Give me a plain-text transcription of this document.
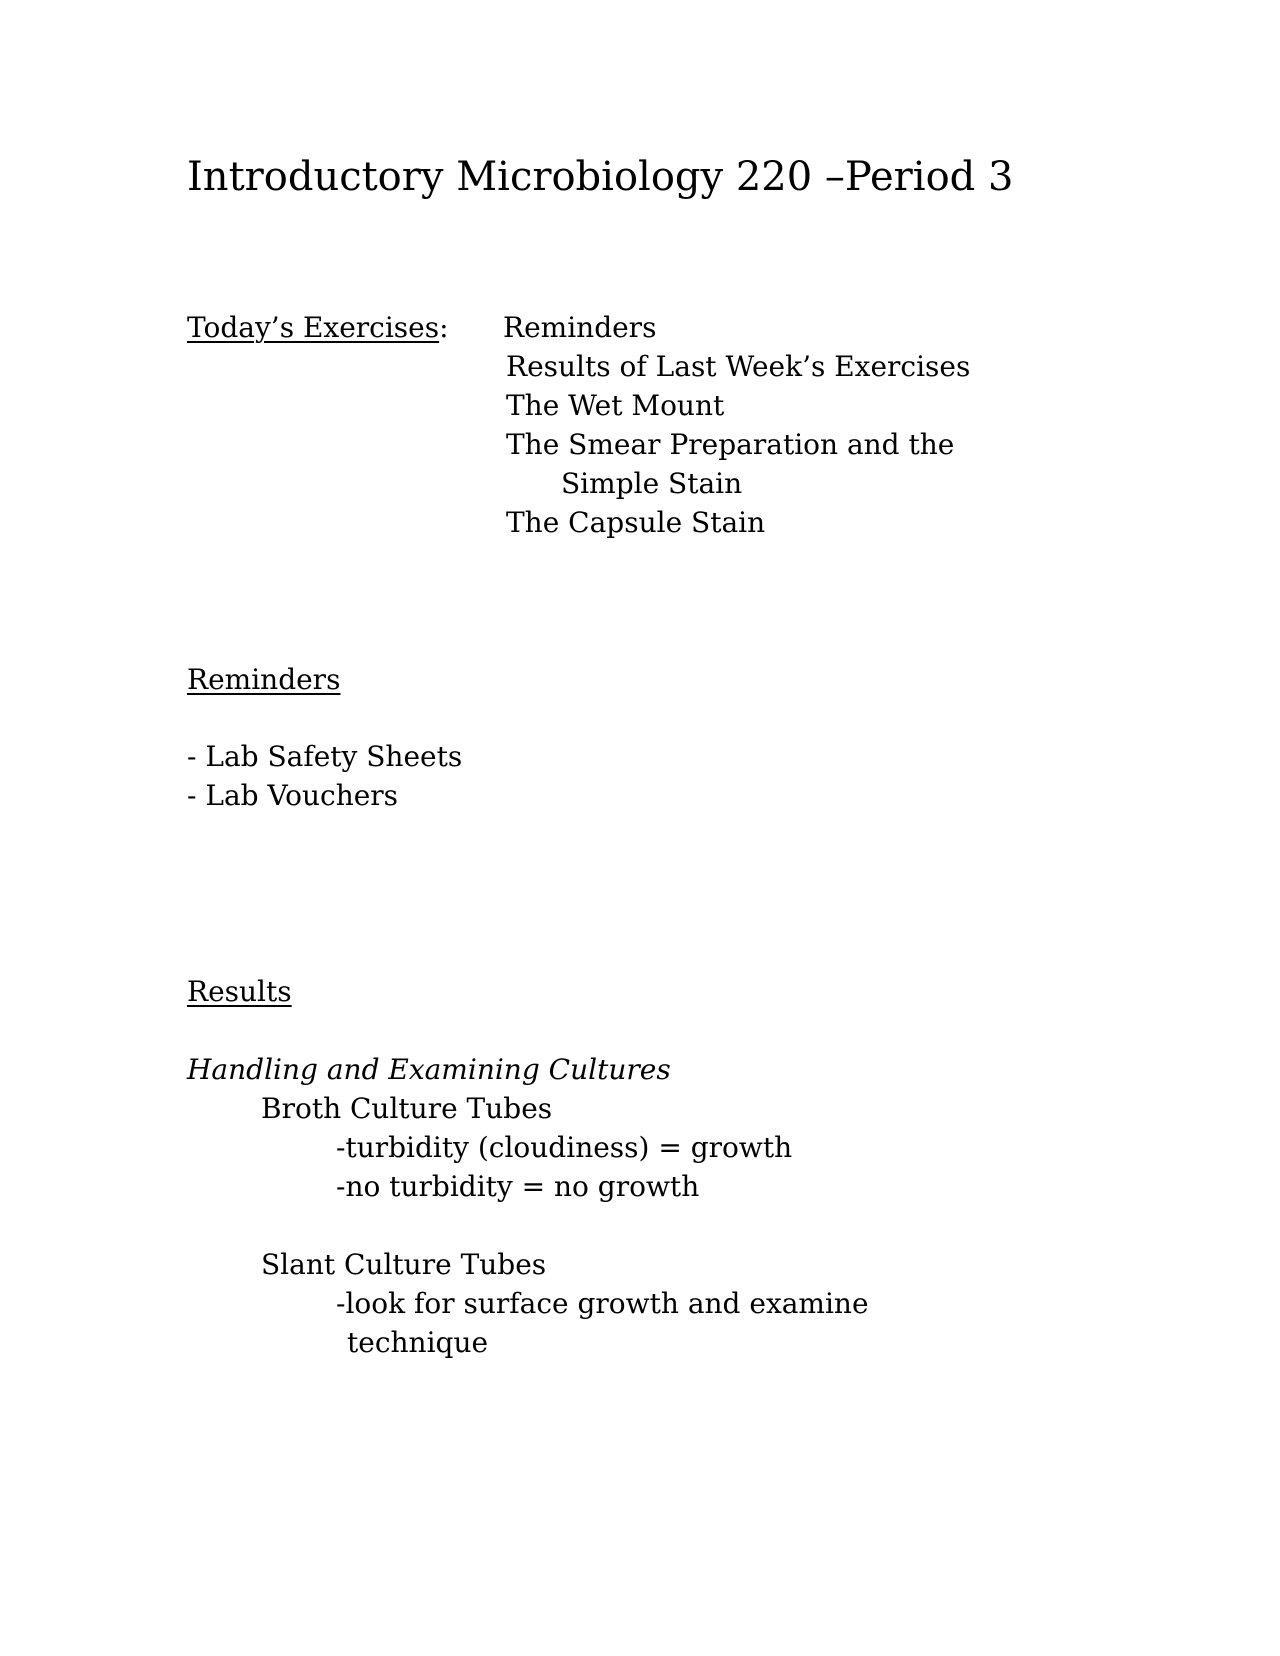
Introductory Microbiology 220 –Period 3
Today’s Exercises: Reminders
Results of Last Week’s Exercises
The Wet Mount
The Smear Preparation and the
Simple Stain
The Capsule Stain
Reminders
- Lab Safety Sheets
- Lab Vouchers
Results
Handling and Examining Cultures
Broth Culture Tubes
-turbidity (cloudiness) = growth
-no turbidity = no growth
Slant Culture Tubes
-look for surface growth and examine
technique
